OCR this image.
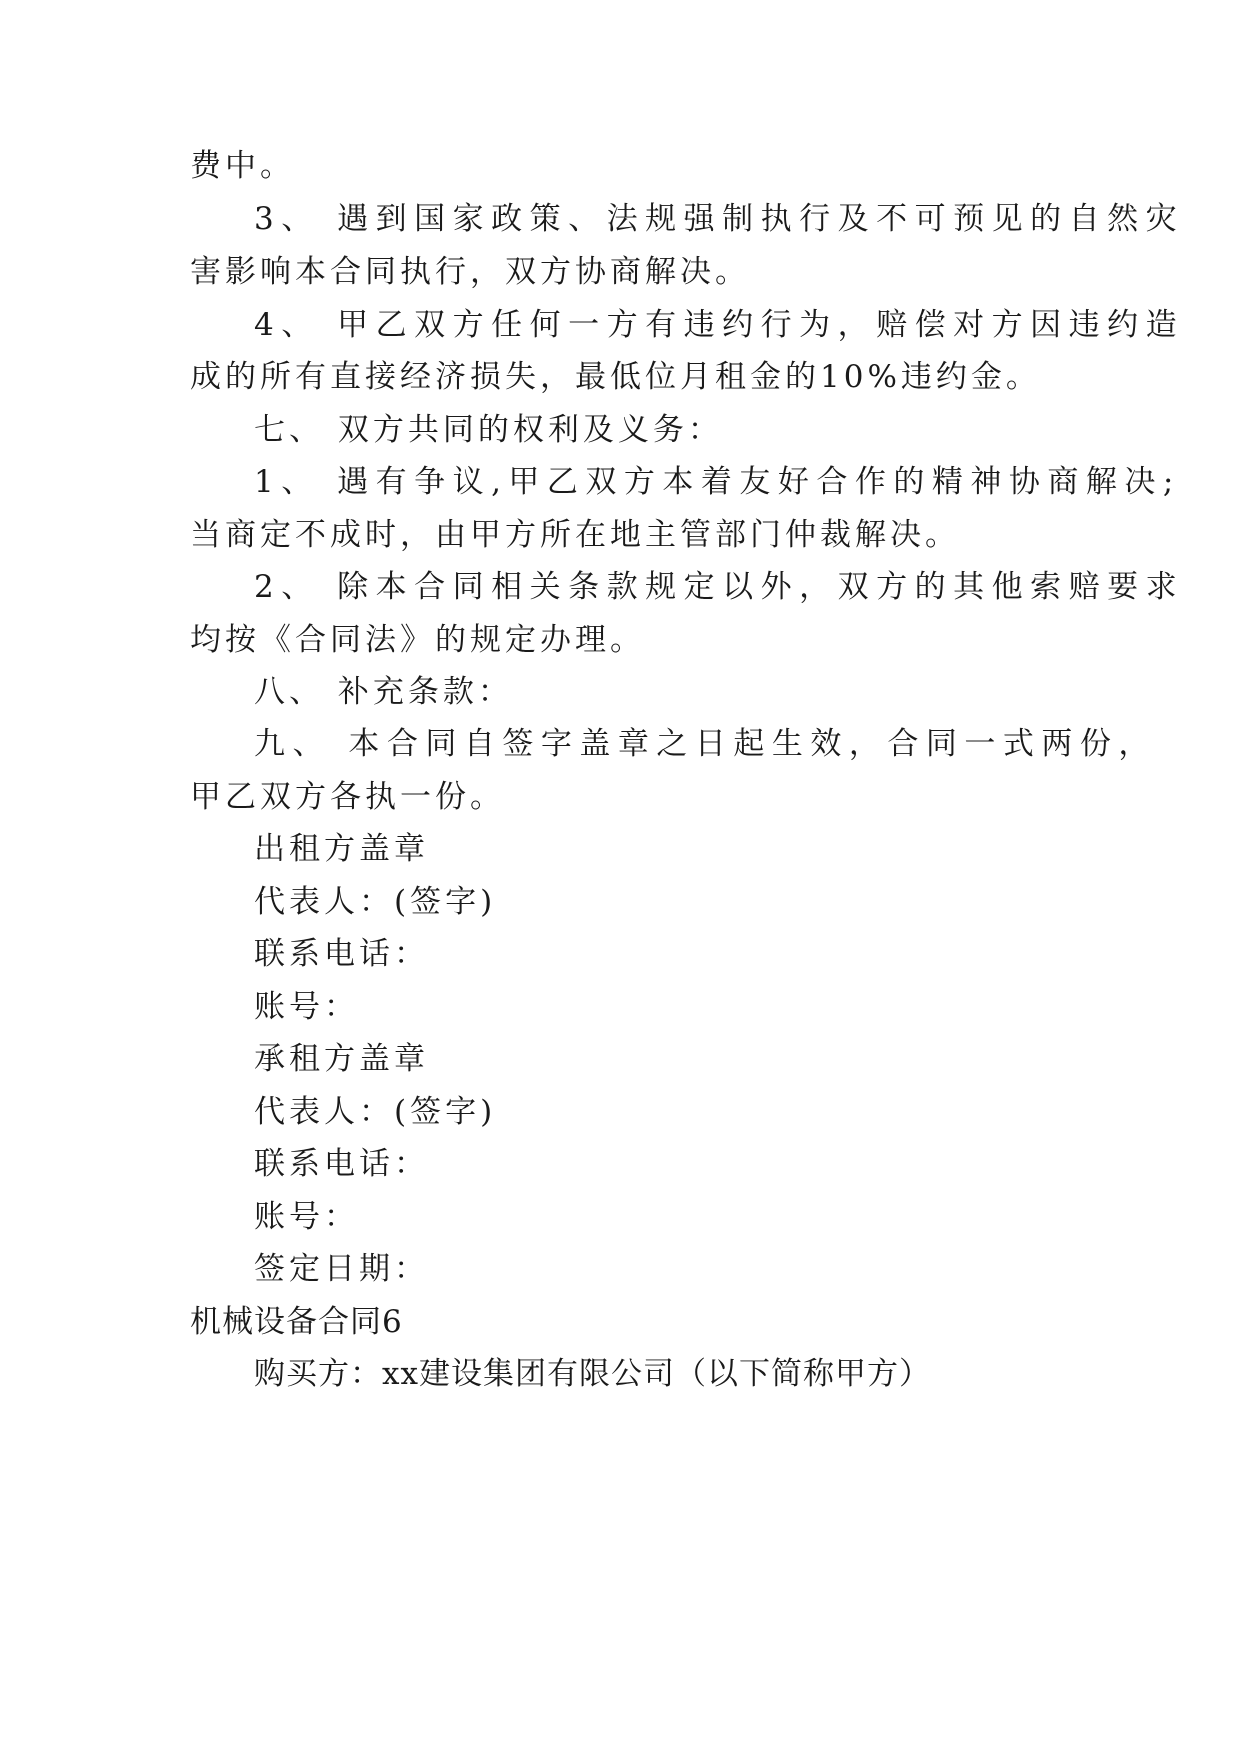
费中。
3、 遇到国家政策、法规强制执行及不可预见的自然灾
害影响本合同执行，双方协商解决。
4、 甲乙双方任何一方有违约行为，赔偿对方因违约造
成的所有直接经济损失，最低位月租金的10%违约金。
七、 双方共同的权利及义务：
1、 遇有争议,甲乙双方本着友好合作的精神协商解决;
当商定不成时，由甲方所在地主管部门仲裁解决。
2、 除本合同相关条款规定以外，双方的其他索赔要求
均按《合同法》的规定办理。
八、 补充条款：
九、 本合同自签字盖章之日起生效，合同一式两份，
甲乙双方各执一份。
出租方盖章
代表人：(签字)
联系电话：
账号：
承租方盖章
代表人：(签字)
联系电话：
账号：
签定日期：
机械设备合同6
购买方：xx建设集团有限公司（以下简称甲方）
